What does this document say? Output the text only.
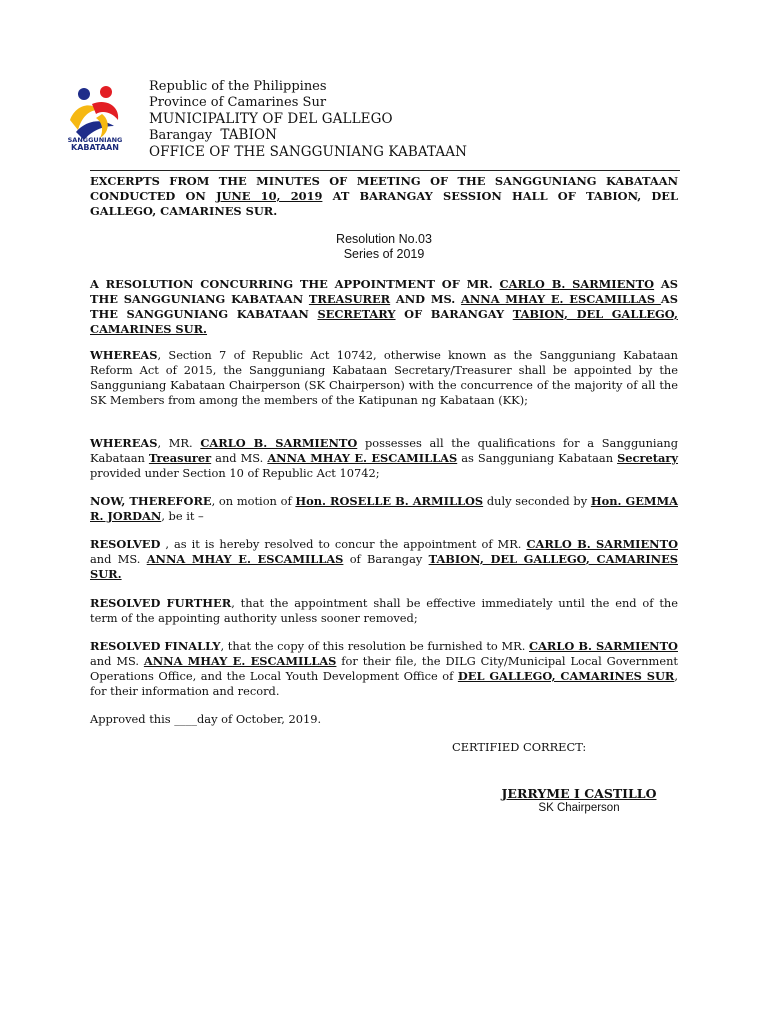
SANGGUNIANG
KABATAAN
Republic of the Philippines
Province of Camarines Sur
MUNICIPALITY OF DEL GALLEGO
Barangay TABION
OFFICE OF THE SANGGUNIANG KABATAAN
EXCERPTS FROM THE MINUTES OF MEETING OF THE SANGGUNIANG KABATAAN CONDUCTED ON JUNE 10, 2019 AT BARANGAY SESSION HALL OF TABION, DEL GALLEGO, CAMARINES SUR.
Resolution No.03
Series of 2019
A RESOLUTION CONCURRING THE APPOINTMENT OF MR. CARLO B. SARMIENTO AS THE SANGGUNIANG KABATAAN TREASURER AND MS. ANNA MHAY E. ESCAMILLAS AS THE SANGGUNIANG KABATAAN SECRETARY OF BARANGAY TABION, DEL GALLEGO, CAMARINES SUR.
WHEREAS, Section 7 of Republic Act 10742, otherwise known as the Sangguniang Kabataan Reform Act of 2015, the Sangguniang Kabataan Secretary/Treasurer shall be appointed by the Sangguniang Kabataan Chairperson (SK Chairperson) with the concurrence of the majority of all the SK Members from among the members of the Katipunan ng Kabataan (KK);
WHEREAS, MR. CARLO B. SARMIENTO possesses all the qualifications for a Sangguniang Kabataan Treasurer and MS. ANNA MHAY E. ESCAMILLAS as Sangguniang Kabataan Secretary provided under Section 10 of Republic Act 10742;
NOW, THEREFORE, on motion of Hon. ROSELLE B. ARMILLOS duly seconded by Hon. GEMMA R. JORDAN, be it –
RESOLVED , as it is hereby resolved to concur the appointment of MR. CARLO B. SARMIENTO and MS. ANNA MHAY E. ESCAMILLAS of Barangay TABION, DEL GALLEGO, CAMARINES SUR.
RESOLVED FURTHER, that the appointment shall be effective immediately until the end of the term of the appointing authority unless sooner removed;
RESOLVED FINALLY, that the copy of this resolution be furnished to MR. CARLO B. SARMIENTO and MS. ANNA MHAY E. ESCAMILLAS for their file, the DILG City/Municipal Local Government Operations Office, and the Local Youth Development Office of DEL GALLEGO, CAMARINES SUR, for their information and record.
Approved this ____day of October, 2019.
CERTIFIED CORRECT:
JERRYME I CASTILLO
SK Chairperson
